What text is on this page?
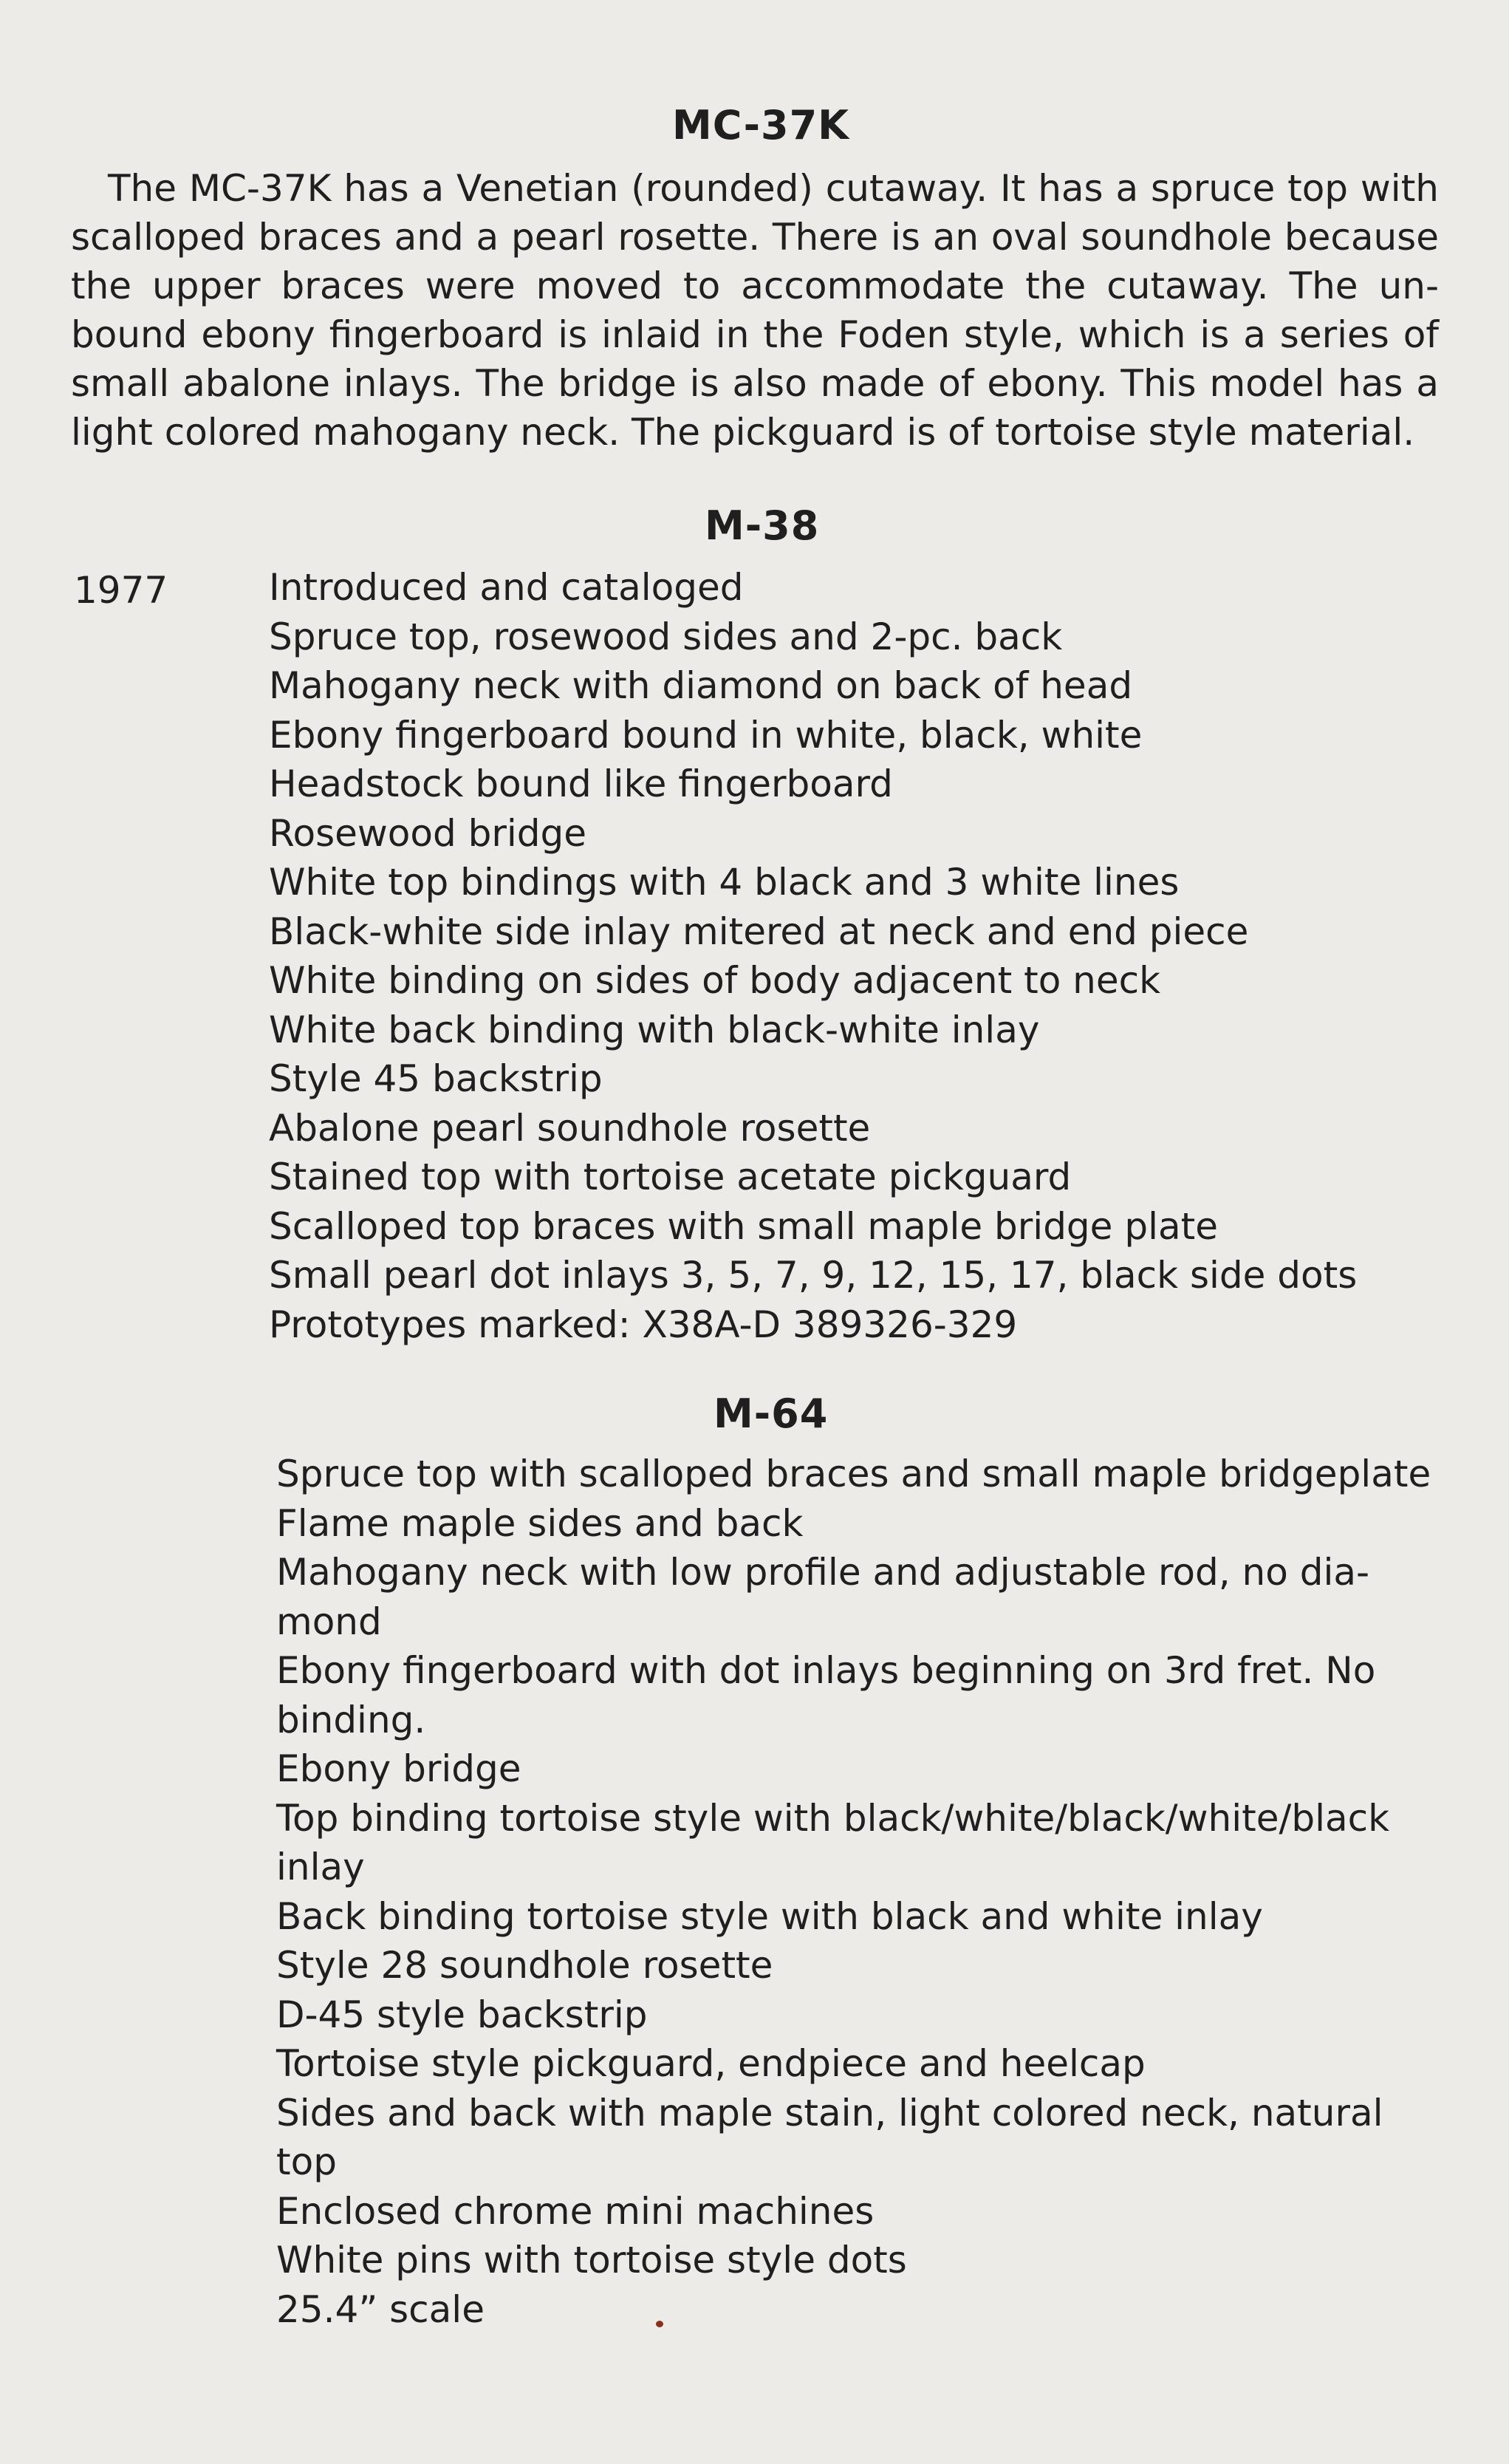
MC-37K
The MC-37K has a Venetian (rounded) cutaway. It has a spruce top with
scalloped braces and a pearl rosette. There is an oval soundhole because
the upper braces were moved to accommodate the cutaway. The un-
bound ebony fingerboard is inlaid in the Foden style, which is a series of
small abalone inlays. The bridge is also made of ebony. This model has a
light colored mahogany neck. The pickguard is of tortoise style material.
M-38
1977	Introduced and cataloged
Spruce top, rosewood sides and 2-pc. back
Mahogany neck with diamond on back of head
Ebony fingerboard bound in white, black, white
Headstock bound like fingerboard
Rosewood bridge
White top bindings with 4 black and 3 white lines
Black-white side inlay mitered at neck and end piece
White binding on sides of body adjacent to neck
White back binding with black-white inlay
Style 45 backstrip
Abalone pearl soundhole rosette
Stained top with tortoise acetate pickguard
Scalloped top braces with small maple bridge plate
Small pearl dot inlays 3, 5, 7, 9, 12, 15, 17, black side dots
Prototypes marked: X38A-D 389326-329
M-64
Spruce top with scalloped braces and small maple bridgeplate
Flame maple sides and back
Mahogany neck with low profile and adjustable rod, no dia-
mond
Ebony fingerboard with dot inlays beginning on 3rd fret. No
binding.
Ebony bridge
Top binding tortoise style with black/white/black/white/black
inlay
Back binding tortoise style with black and white inlay
Style 28 soundhole rosette
D-45 style backstrip
Tortoise style pickguard, endpiece and heelcap
Sides and back with maple stain, light colored neck, natural
top
Enclosed chrome mini machines
White pins with tortoise style dots
25.4” scale
